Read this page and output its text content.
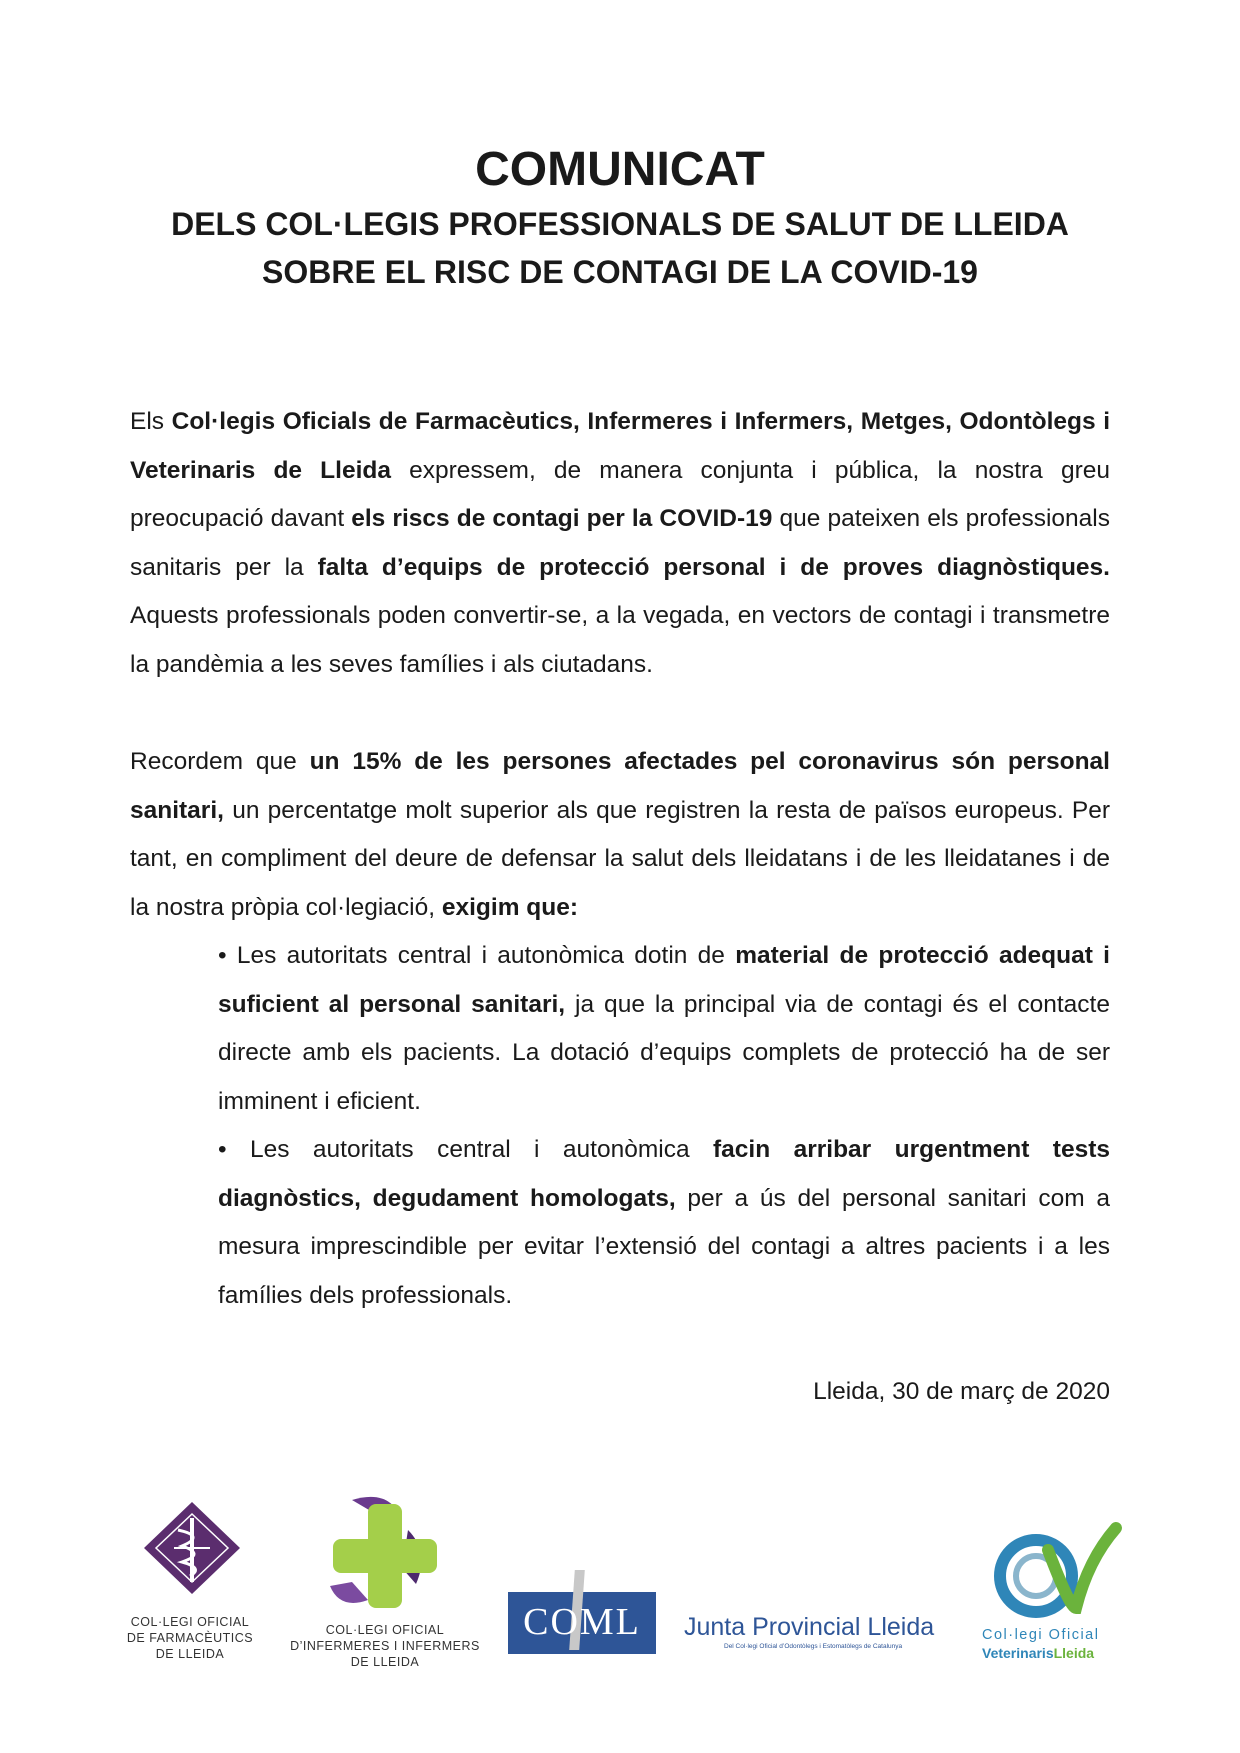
COMUNICAT
DELS COL·LEGIS PROFESSIONALS DE SALUT DE LLEIDA
SOBRE EL RISC DE CONTAGI DE LA COVID-19

Els Col·legis Oficials de Farmacèutics, Infermeres i Infermers, Metges, Odontòlegs i Veterinaris de Lleida expressem, de manera conjunta i pública, la nostra greu preocupació davant els riscs de contagi per la COVID-19 que pateixen els professionals sanitaris per la falta d’equips de protecció personal i de proves diagnòstiques. Aquests professionals poden convertir-se, a la vegada, en vectors de contagi i transmetre la pandèmia a les seves famílies i als ciutadans.

Recordem que un 15% de les persones afectades pel coronavirus són personal sanitari, un percentatge molt superior als que registren la resta de països europeus. Per tant, en compliment del deure de defensar la salut dels lleidatans i de les lleidatanes i de la nostra pròpia col·legiació, exigim que:

• Les autoritats central i autonòmica dotin de material de protecció adequat i suficient al personal sanitari, ja que la principal via de contagi és el contacte directe amb els pacients. La dotació d’equips complets de protecció ha de ser imminent i eficient.
• Les autoritats central i autonòmica facin arribar urgentment tests diagnòstics, degudament homologats, per a ús del personal sanitari com a mesura imprescindible per evitar l’extensió del contagi a altres pacients i a les famílies dels professionals.
Lleida, 30 de març de 2020
COL·LEGI OFICIAL
DE FARMACÈUTICS
DE LLEIDA
COL·LEGI OFICIAL
D’INFERMERES I INFERMERS
DE LLEIDA
COML	Junta Provincial Lleida
Del Col·legi Oficial d’Odontòlegs i Estomatòlegs de Catalunya
Col·legi Oficial
VeterinarisLleida
